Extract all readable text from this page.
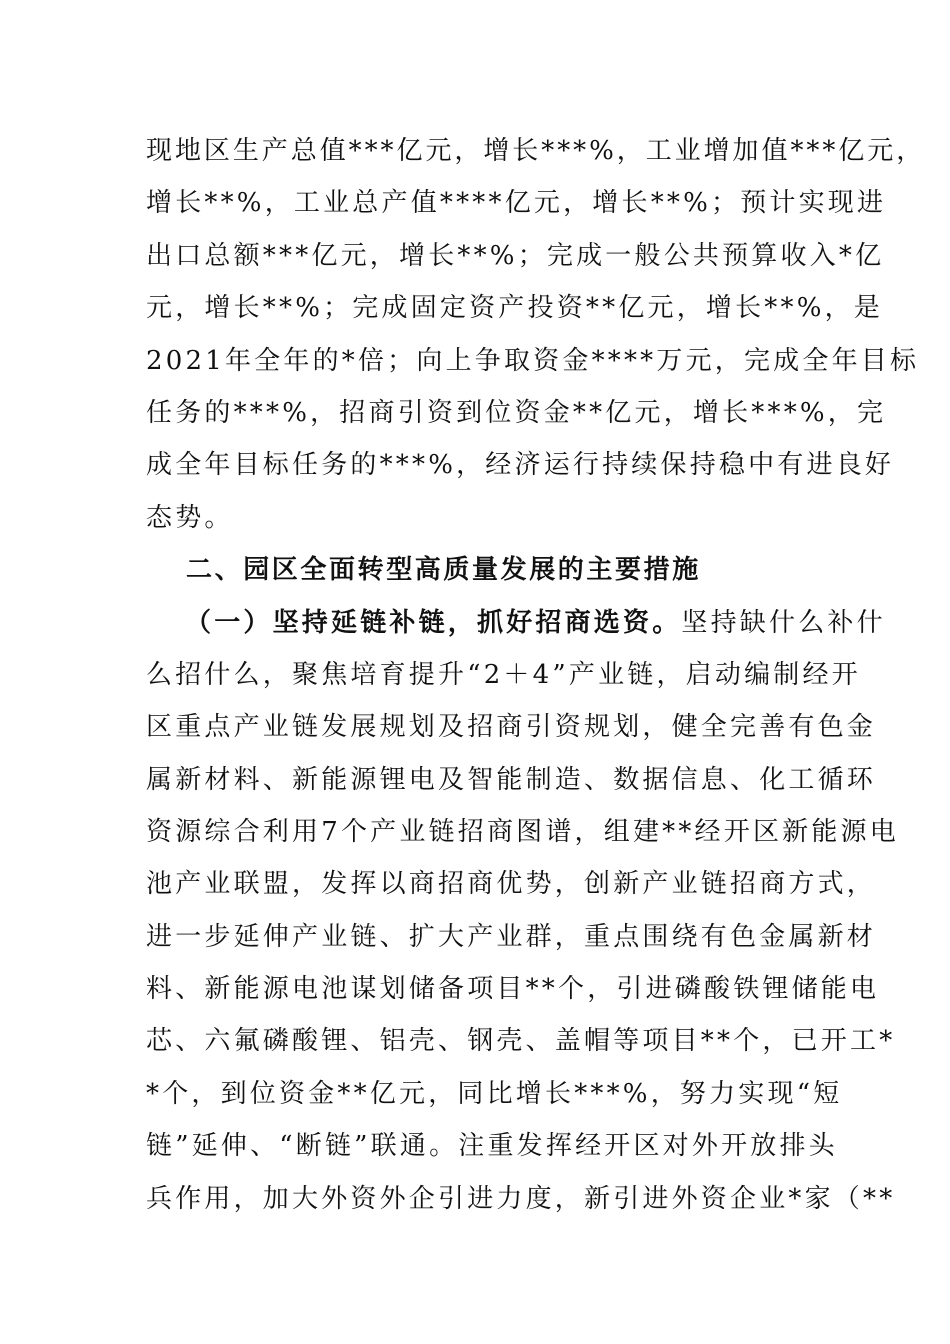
现地区生产总值***亿元，增长***%，工业增加值***亿元，
增长**%，工业总产值****亿元，增长**%；预计实现进
出口总额***亿元，增长**%；完成一般公共预算收入*亿
元，增长**%；完成固定资产投资**亿元，增长**%，是
2021年全年的*倍；向上争取资金****万元，完成全年目标
任务的***%，招商引资到位资金**亿元，增长***%，完
成全年目标任务的***%，经济运行持续保持稳中有进良好
态势。
二、园区全面转型高质量发展的主要措施
（一）坚持延链补链，抓好招商选资。坚持缺什么补什
么招什么，聚焦培育提升“2＋4”产业链，启动编制经开
区重点产业链发展规划及招商引资规划，健全完善有色金
属新材料、新能源锂电及智能制造、数据信息、化工循环
资源综合利用7个产业链招商图谱，组建**经开区新能源电
池产业联盟，发挥以商招商优势，创新产业链招商方式，
进一步延伸产业链、扩大产业群，重点围绕有色金属新材
料、新能源电池谋划储备项目**个，引进磷酸铁锂储能电
芯、六氟磷酸锂、铝壳、钢壳、盖帽等项目**个，已开工*
*个，到位资金**亿元，同比增长***%，努力实现“短
链”延伸、“断链”联通。注重发挥经开区对外开放排头
兵作用，加大外资外企引进力度，新引进外资企业*家（**
